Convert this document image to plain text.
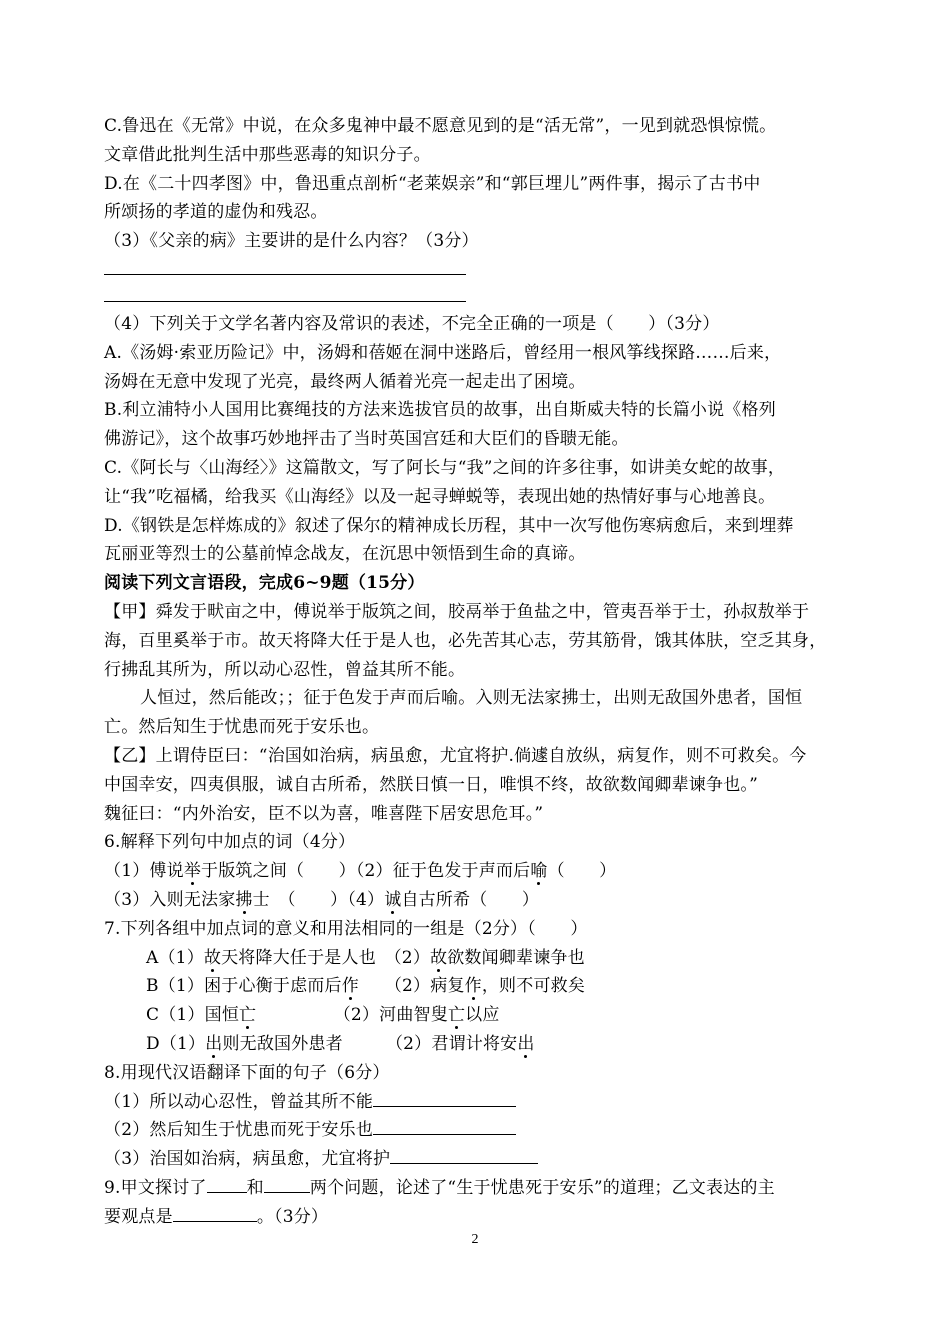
C.鲁迅在《无常》中说，在众多鬼神中最不愿意见到的是“活无常”，一见到就恐惧惊慌。
文章借此批判生活中那些恶毒的知识分子。
D.在《二十四孝图》中，鲁迅重点剖析“老莱娱亲”和“郭巨埋儿”两件事，揭示了古书中
所颂扬的孝道的虚伪和残忍。
（3）《父亲的病》主要讲的是什么内容？（3分）
（4）下列关于文学名著内容及常识的表述，不完全正确的一项是（　　）（3分）
A.《汤姆·索亚历险记》中，汤姆和蓓姬在洞中迷路后，曾经用一根风筝线探路……后来，
汤姆在无意中发现了光亮，最终两人循着光亮一起走出了困境。
B.利立浦特小人国用比赛绳技的方法来选拔官员的故事，出自斯威夫特的长篇小说《格列
佛游记》，这个故事巧妙地抨击了当时英国宫廷和大臣们的昏聩无能。
C.《阿长与〈山海经〉》这篇散文，写了阿长与“我”之间的许多往事，如讲美女蛇的故事，
让“我”吃福橘，给我买《山海经》以及一起寻蝉蜕等，表现出她的热情好事与心地善良。
D.《钢铁是怎样炼成的》叙述了保尔的精神成长历程，其中一次写他伤寒病愈后，来到埋葬
瓦丽亚等烈士的公墓前悼念战友，在沉思中领悟到生命的真谛。
阅读下列文言语段，完成6~9题（15分）
【甲】舜发于畎亩之中，傅说举于版筑之间，胶鬲举于鱼盐之中，管夷吾举于士，孙叔敖举于
海，百里奚举于市。故天将降大任于是人也，必先苦其心志，劳其筋骨，饿其体肤，空乏其身，
行拂乱其所为，所以动心忍性，曾益其所不能。
人恒过，然后能改；；征于色发于声而后喻。入则无法家拂士，出则无敌国外患者，国恒
亡。然后知生于忧患而死于安乐也。
【乙】上谓侍臣曰：“治国如治病，病虽愈，尤宜将护.倘遽自放纵，病复作，则不可救矣。今
中国幸安，四夷俱服，诚自古所希，然朕日慎一日，唯惧不终，故欲数闻卿辈谏争也。”
魏征曰：“内外治安，臣不以为喜，唯喜陛下居安思危耳。”
6.解释下列句中加点的词（4分）
（1）傅说举于版筑之间（　　）（2）征于色发于声而后喻（　　）
（3）入则无法家拂士　（　　）（4）诚自古所希（　　）
7.下列各组中加点词的意义和用法相同的一组是（2分）（　　）
A（1）故天将降大任于是人也　（2）故欲数闻卿辈谏争也
B（1）困于心衡于虑而后作　　（2）病复作，则不可救矣
C（1）国恒亡　　　　　（2）河曲智叟亡以应
D（1）出则无敌国外患者　　　（2）君谓计将安出
8.用现代汉语翻译下面的句子（6分）
（1）所以动心忍性，曾益其所不能
（2）然后知生于忧患而死于安乐也
（3）治国如治病，病虽愈，尤宜将护
9.甲文探讨了 和	两个问题，论述了“生于忧患死于安乐”的道理；乙文表达的主
要观点是	。（3分）
2
